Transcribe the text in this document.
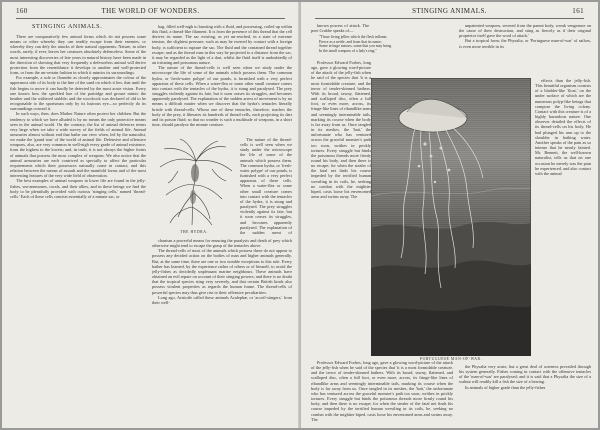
160	THE WORLD OF WONDERS.
STINGING ANIMALS.

There are comparatively few animal forms which do not possess some means or other whereby they can readily escape from their enemies, or whereby they can defy the attacks of their natural opponents. Nature, in other words, rarely, if ever, leaves her creatures absolutely defenceless. Some of the most interesting discoveries of late years in natural history have been made in the direction of showing that very frequently a defenceless animal will derive protection from the resemblance it develops to another and well-protected form, or from the un-certain fashion in which it mimics its surroundings.

For example, a sole or flounder as closely approximates the colour of the uppermost side of its body to the line of the sand on which it lies, that until the fish begins to move it can hardly be detected by the most acute vision. Every one knows how the speckled hue of the partridge and grouse mimic the heather and the withered stubble; and the woodcock was declared of old to be recognisable to the sportsman only by its lustrous eye—so perfectly do its surroundings conceal it.

In such ways, then, does Mother Nature often protect her children. But the tendency to which we have alluded is by no means the only protective means seen in the animal world. On the contrary, the list of animal defences teems very large when we take a wide survey of the fields of animal life. Animal armouries almost without end that bathe our view when, led by the naturalist, we make the 'grand tour' of the world of animal life. Defensive and offensive weapons, also, are very common in well-nigh every grade of animal existence, from the highest to the lowest; and, in truth, it is not always the higher forms of animals that possess the most complex of weapons. We also notice that the animal armouries are each contrived as specially to affect the particular requirements which their possessors naturally come in contact; and this relation between the means of assault and the manifold forms and of the most interesting features of the very wide field of observation.

The best examples of animal weapons in lower life are found in the jelly-fishes, sea-anemones, corals, and their allies, and in these beings we find the body to be plentifully provided with curious 'stinging cells,' named 'thread-cells.' Each of these cells consists essentially of a minute sac, or

bag, filled well-nigh to bursting with a fluid, and possessing, coiled up within this fluid, a thread-like filament. It is from the presence of this thread that the cell derives its name. The sac existing, as yet un-reached, in a state of extreme tension, the slightest pressure, such as may be exerted by contact with a foreign body, is sufficient to rupture the sac. The fluid and the contained thread together escape; and as the thread runs in this way be projected to a distance from the sac, it may be regarded as the light of a dart, whilst the fluid itself is undoubtedly of an irritating and poisonous nature.

The nature of the thread-cells is well seen when we study under the microscope the life of some of the animals which possess them. The common hydra, or 'fresh-water polype' of our ponds, is furnished with a very perfect apparatus of these cells. When a water-flea or some other small creature comes into contact with the tentacles of the hydra, it is stung and paralysed. The prey struggles violently against its fate, but it soon ceases its struggles, and becomes apparently paralysed. The explanation of the sudden arrest of movement is by no means a difficult matter when we discover that the hydra's tentacles literally bristle with thread-cells. Whoso one of these tentacles, therefore, touches the body of the prey, it liberates its hundreds of thread-cells, each projecting its dart and its poison fluid; so that no wonder is such a multitude of weapons, in a short time, should paralyse the minute creature.

THE HYDRA.

The nature of the thread-cells is well seen when we study under the microscope the life of some of the animals which possess them. The common hydra, or 'fresh-water polype' of our ponds, is furnished with a very perfect apparatus of these cells. When a water-flea or some other small creature comes into contact with the tentacles of the hydra, it is stung and paralysed. The prey struggles violently against its fate, but it soon ceases its struggles, and becomes apparently paralysed. The explanation of the sudden arrest of

chanism a powerful means for ensuring the paralysis and death of prey which otherwise might tend to escape the grasp of the tentacles above.

The thread-cells of most of the animals which possess these do not appear to possess any decided action on the bodies of man and higher animals generally. But, at the same time, there are one or two notable exceptions to this rule. Every bather has learned, by the experience rather of others or of himself, to avoid the jelly-fishes as decidedly unpleasant marine neighbours. These animals have obtained an evil repute on account of their stinging powers; and there is no doubt that the tropical species sting very severely, and that certain British kinds also possess virulent properties as regards the human frame. The thread-cells of powerful species may thus give rise to their offensive peculiarities.

Long ago, Aristotle called these animals Acalephæ, or 'accoil-stingers,' from their well-

STINGING ANIMALS.	161

known powers of attack. The poet Crabbe speaks of—

"Those living jellies which the flesh inflame,
Fierce as a nettle, and from that its name;
Some in huge masses, some that you may bring
In the small compass of a lady's ring."

Professor Edward Forbes, long ago, gave a glowing word-picture of the attack of the jelly-fish when he said of the species that 'it is a most formidable creature, and the terror of tender-skinned bathers. With its broad, tawny, flattened, and scalloped disc, often a full foot, or even more, across, its fringe-like lines of ribandlike arms and seemingly interminable tails, marking its course when the body is far away from us. Once tangled in its meshes, the 'bait,' the unfortunate who has ventured across the graceful monster's path too soon, writhes in prickly tortures. Every struggle but binds the poisonous threads more firmly round his body, and then there is no escape; for when the stealer of the fatal net finds his course impeded by the terrified human wrestling in its coils, he, seeking no combat with the mightier biped, casts loose his envenomed arms and swims away. The

Professor Edward Forbes, long ago, gave a glowing word-picture of the attack of the jelly-fish when he said of the species that 'it is a most formidable creature, and the terror of tender-skinned bathers. With its broad, tawny, flattened, and scalloped disc, often a full foot, or even more, across, its fringe-like lines of ribandlike arms and seemingly interminable tails, marking its course when the body is far away from us. Once tangled in its meshes, the 'bait,' the unfortunate who has ventured across the graceful monster's path too soon, writhes in prickly tortures. Every struggle but binds the poisonous threads more firmly round his body, and then there is no escape; for when the stealer of the fatal net finds his course impeded by the terrified human wrestling in its coils, he, seeking no combat with the mightier biped, casts loose his envenomed arms and swims away. The

unpatented weapons, severed from the parent body, wreak vengeance on the cause of their destruction, and sting as fiercely as if their original proprietor itself gave the word of attack.'

But a tropical form, the Physalia, or 'Portuguese man-of-war' of sailors, is even more terrible in its

PORTUGUESE MAN-OF-WAR.

effects than the jelly-fish. This beautiful organism consists of a bladder-like 'float,' on the under surface of which are the numerous polyp-like beings that compose the living colony. Contact with this creature is of a highly hazardous nature. One observer detailed the effects of its thread-cells on his body. He had plunged his arm up to the shoulder in bathing water. Another speaks of the pain as so intense that he nearly fainted. Mr. Bennett, the well-known naturalist, tells us that on one occasion he merely was the pain he experienced, and also contact with the animal

the Physalia very acute, but a great deal of soreness prevailed through his system generally. Fishes coming in contact with the offensive tentacles of the 'man-of-war' are paralysed; and it is said that a Physalia the size of a walnut will readily kill a fish the size of a herring.

In animals of higher grade than the jelly-fishes
